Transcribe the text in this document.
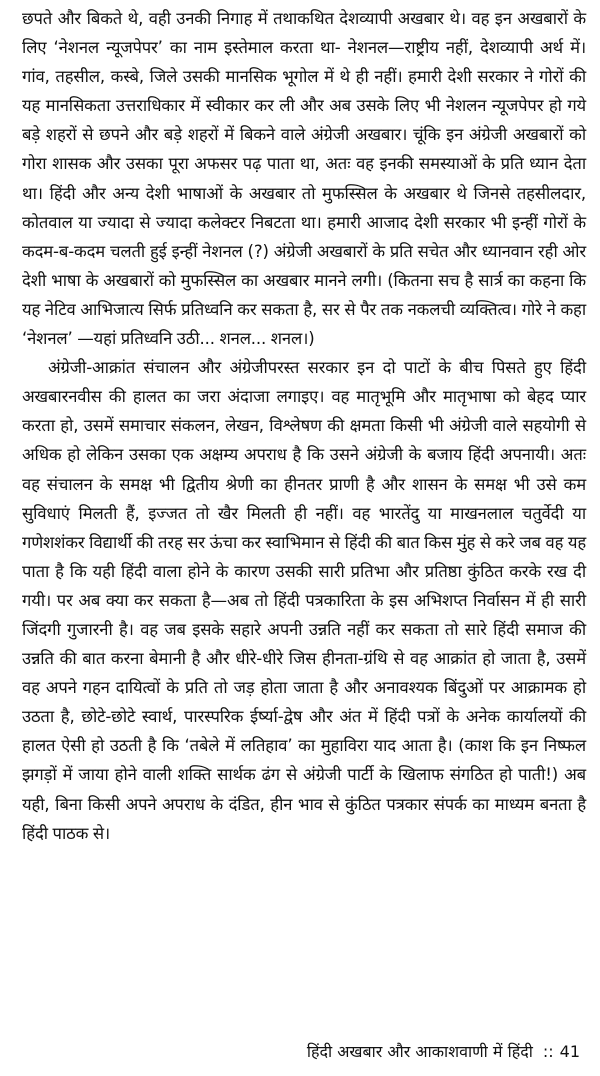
छपते और बिकते थे, वही उनकी निगाह में तथाकथित देशव्यापी अखबार थे। वह इन अखबारों के लिए ‘नेशनल न्यूजपेपर’ का नाम इस्तेमाल करता था- नेशनल—राष्ट्रीय नहीं, देशव्यापी अर्थ में। गांव, तहसील, कस्बे, जिले उसकी मानसिक भूगोल में थे ही नहीं। हमारी देशी सरकार ने गोरों की यह मानसिकता उत्तराधिकार में स्वीकार कर ली और अब उसके लिए भी नेशलन न्यूजपेपर हो गये बड़े शहरों से छपने और बड़े शहरों में बिकने वाले अंग्रेजी अखबार। चूंकि इन अंग्रेजी अखबारों को गोरा शासक और उसका पूरा अफसर पढ़ पाता था, अतः वह इनकी समस्याओं के प्रति ध्यान देता था। हिंदी और अन्य देशी भाषाओं के अखबार तो मुफस्सिल के अखबार थे जिनसे तहसीलदार, कोतवाल या ज्यादा से ज्यादा कलेक्टर निबटता था। हमारी आजाद देशी सरकार भी इन्हीं गोरों के कदम-ब-कदम चलती हुई इन्हीं नेशनल (?) अंग्रेजी अखबारों के प्रति सचेत और ध्यानवान रही ओर देशी भाषा के अखबारों को मुफस्सिल का अखबार मानने लगी। (कितना सच है सार्त्र का कहना कि यह नेटिव आभिजात्य सिर्फ प्रतिध्वनि कर सकता है, सर से पैर तक नकलची व्यक्तित्व। गोरे ने कहा ‘नेशनल’ —यहां प्रतिध्वनि उठी... शनल... शनल।)

अंग्रेजी-आक्रांत संचालन और अंग्रेजीपरस्त सरकार इन दो पाटों के बीच पिसते हुए हिंदी अखबारनवीस की हालत का जरा अंदाजा लगाइए। वह मातृभूमि और मातृभाषा को बेहद प्यार करता हो, उसमें समाचार संकलन, लेखन, विश्लेषण की क्षमता किसी भी अंग्रेजी वाले सहयोगी से अधिक हो लेकिन उसका एक अक्षम्य अपराध है कि उसने अंग्रेजी के बजाय हिंदी अपनायी। अतः वह संचालन के समक्ष भी द्वितीय श्रेणी का हीनतर प्राणी है और शासन के समक्ष भी उसे कम सुविधाएं मिलती हैं, इज्जत तो खैर मिलती ही नहीं। वह भारतेंदु या माखनलाल चतुर्वेदी या गणेशशंकर विद्यार्थी की तरह सर ऊंचा कर स्वाभिमान से हिंदी की बात किस मुंह से करे जब वह यह पाता है कि यही हिंदी वाला होने के कारण उसकी सारी प्रतिभा और प्रतिष्ठा कुंठित करके रख दी गयी। पर अब क्या कर सकता है—अब तो हिंदी पत्रकारिता के इस अभिशप्त निर्वासन में ही सारी जिंदगी गुजारनी है। वह जब इसके सहारे अपनी उन्नति नहीं कर सकता तो सारे हिंदी समाज की उन्नति की बात करना बेमानी है और धीरे-धीरे जिस हीनता-ग्रंथि से वह आक्रांत हो जाता है, उसमें वह अपने गहन दायित्वों के प्रति तो जड़ होता जाता है और अनावश्यक बिंदुओं पर आक्रामक हो उठता है, छोटे-छोटे स्वार्थ, पारस्परिक ईर्ष्या-द्वेष और अंत में हिंदी पत्रों के अनेक कार्यालयों की हालत ऐसी हो उठती है कि ‘तबेले में लतिहाव’ का मुहाविरा याद आता है। (काश कि इन निष्फल झगड़ों में जाया होने वाली शक्ति सार्थक ढंग से अंग्रेजी पार्टी के खिलाफ संगठित हो पाती!) अब यही, बिना किसी अपने अपराध के दंडित, हीन भाव से कुंठित पत्रकार संपर्क का माध्यम बनता है हिंदी पाठक से।

हिंदी अखबार और आकाशवाणी में हिंदी :: 41
